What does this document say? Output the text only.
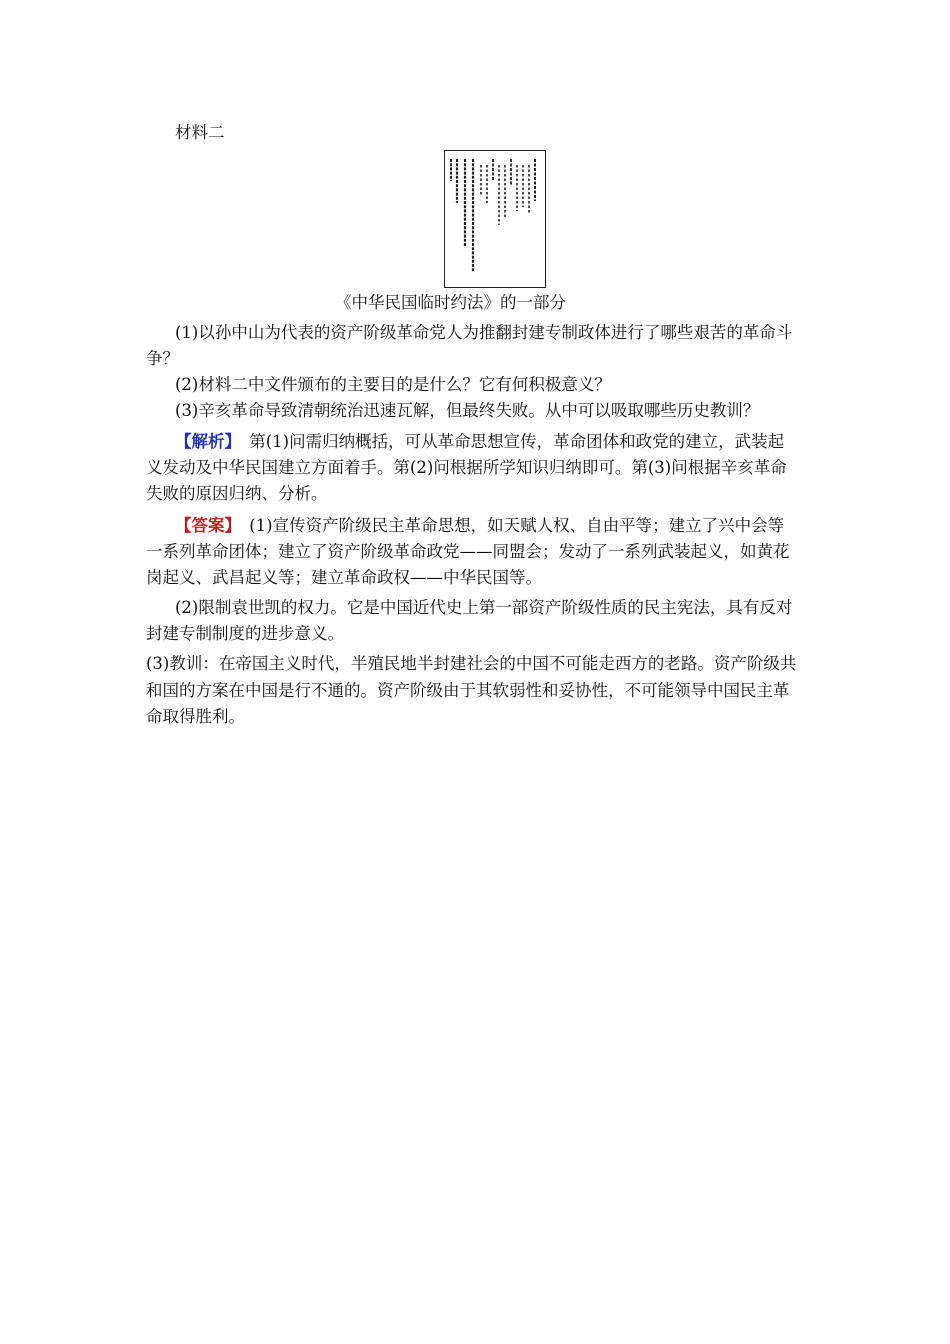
材料二
《中华民国临时约法》的一部分
(1)以孙中山为代表的资产阶级革命党人为推翻封建专制政体进行了哪些艰苦的革命斗
争？
(2)材料二中文件颁布的主要目的是什么？它有何积极意义？
(3)辛亥革命导致清朝统治迅速瓦解，但最终失败。从中可以吸取哪些历史教训？
【解析】　第(1)问需归纳概括，可从革命思想宣传，革命团体和政党的建立，武装起
义发动及中华民国建立方面着手。第(2)问根据所学知识归纳即可。第(3)问根据辛亥革命
失败的原因归纳、分析。
【答案】　(1)宣传资产阶级民主革命思想，如天赋人权、自由平等；建立了兴中会等
一系列革命团体；建立了资产阶级革命政党——同盟会；发动了一系列武装起义，如黄花
岗起义、武昌起义等；建立革命政权——中华民国等。
(2)限制袁世凯的权力。它是中国近代史上第一部资产阶级性质的民主宪法，具有反对
封建专制制度的进步意义。
(3)教训：在帝国主义时代，半殖民地半封建社会的中国不可能走西方的老路。资产阶级共
和国的方案在中国是行不通的。资产阶级由于其软弱性和妥协性，不可能领导中国民主革
命取得胜利。
